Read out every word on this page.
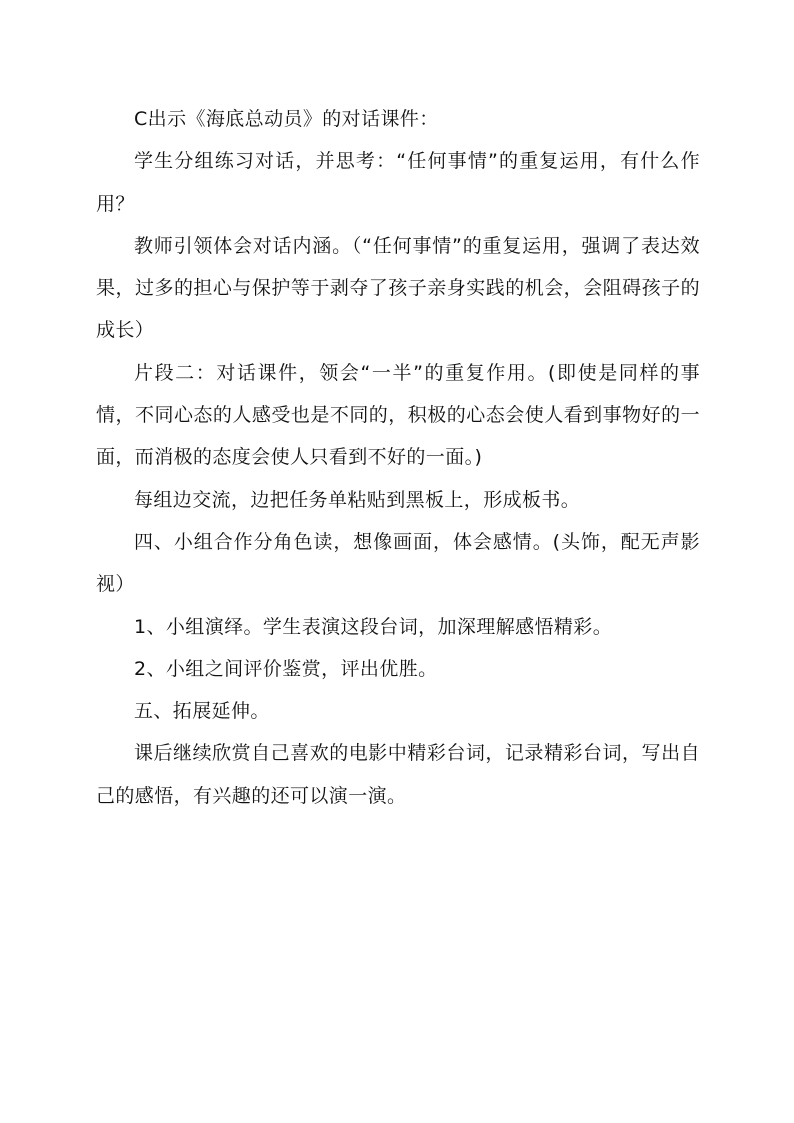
C出示《海底总动员》的对话课件：

学生分组练习对话，并思考：“任何事情”的重复运用，有什么作用？

教师引领体会对话内涵。（“任何事情”的重复运用，强调了表达效果，过多的担心与保护等于剥夺了孩子亲身实践的机会，会阻碍孩子的成长）

片段二：对话课件，领会“一半”的重复作用。(即使是同样的事情，不同心态的人感受也是不同的，积极的心态会使人看到事物好的一面，而消极的态度会使人只看到不好的一面。)

每组边交流，边把任务单粘贴到黑板上，形成板书。

四、小组合作分角色读，想像画面，体会感情。(头饰，配无声影视）

1、小组演绎。学生表演这段台词，加深理解感悟精彩。

2、小组之间评价鉴赏，评出优胜。

五、拓展延伸。

课后继续欣赏自己喜欢的电影中精彩台词，记录精彩台词，写出自己的感悟，有兴趣的还可以演一演。
